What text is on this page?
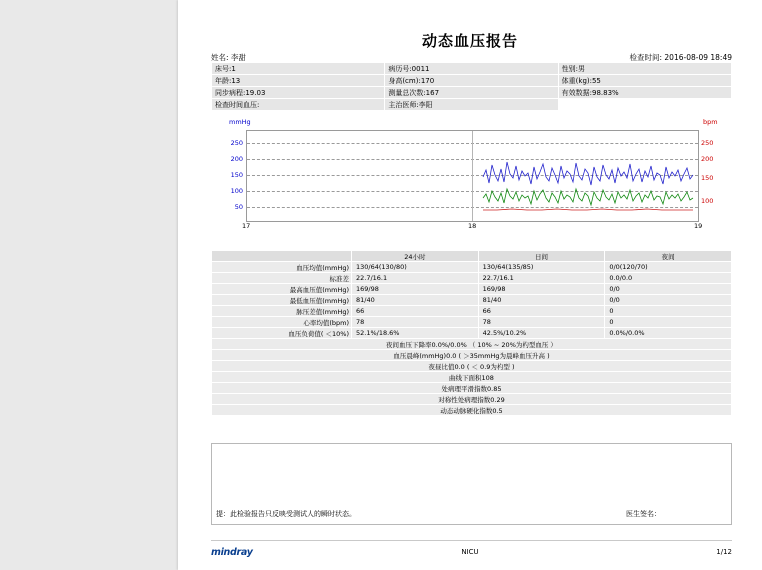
动态血压报告
姓名: 李甜	检查时间: 2016-08-09 18:49
床号:1	病历号:0011	性别:男
年龄:13	身高(cm):170	体重(kg):55
同步病程:19.03	测量总次数:167	有效数据:98.83%
检查时间血压:	主治医师:李阳	
mmHg	bpm
250
200
150
100
50
250
200
150
100
17	18	19
	24小时	日间	夜间
血压均值(mmHg)	130/64(130/80)	130/64(135/85)	0/0(120/70)
标准差	22.7/16.1	22.7/16.1	0.0/0.0
最高血压值(mmHg)	169/98	169/98	0/0
最低血压值(mmHg)	81/40	81/40	0/0
脉压差值(mmHg)	66	66	0
心率均值(bpm)	78	78	0
血压负荷值( ＜10%)	52.1%/18.6%	42.5%/10.2%	0.0%/0.0%
夜间血压下降率0.0%/0.0% （ 10% ~ 20%为杓型血压 ）			
血压晨峰(mmHg)0.0 ( ＞35mmHg为晨峰血压升高 )			
夜昼比值0.0 ( ＜ 0.9为杓型 )			
曲线下面积108			
处病理平滑指数0.85			
对称性处病理指数0.29			
动态动脉硬化指数0.5			
提：此检验报告只反映受测试人的瞬时状态。	医生签名：
mindray	NICU	1/12
